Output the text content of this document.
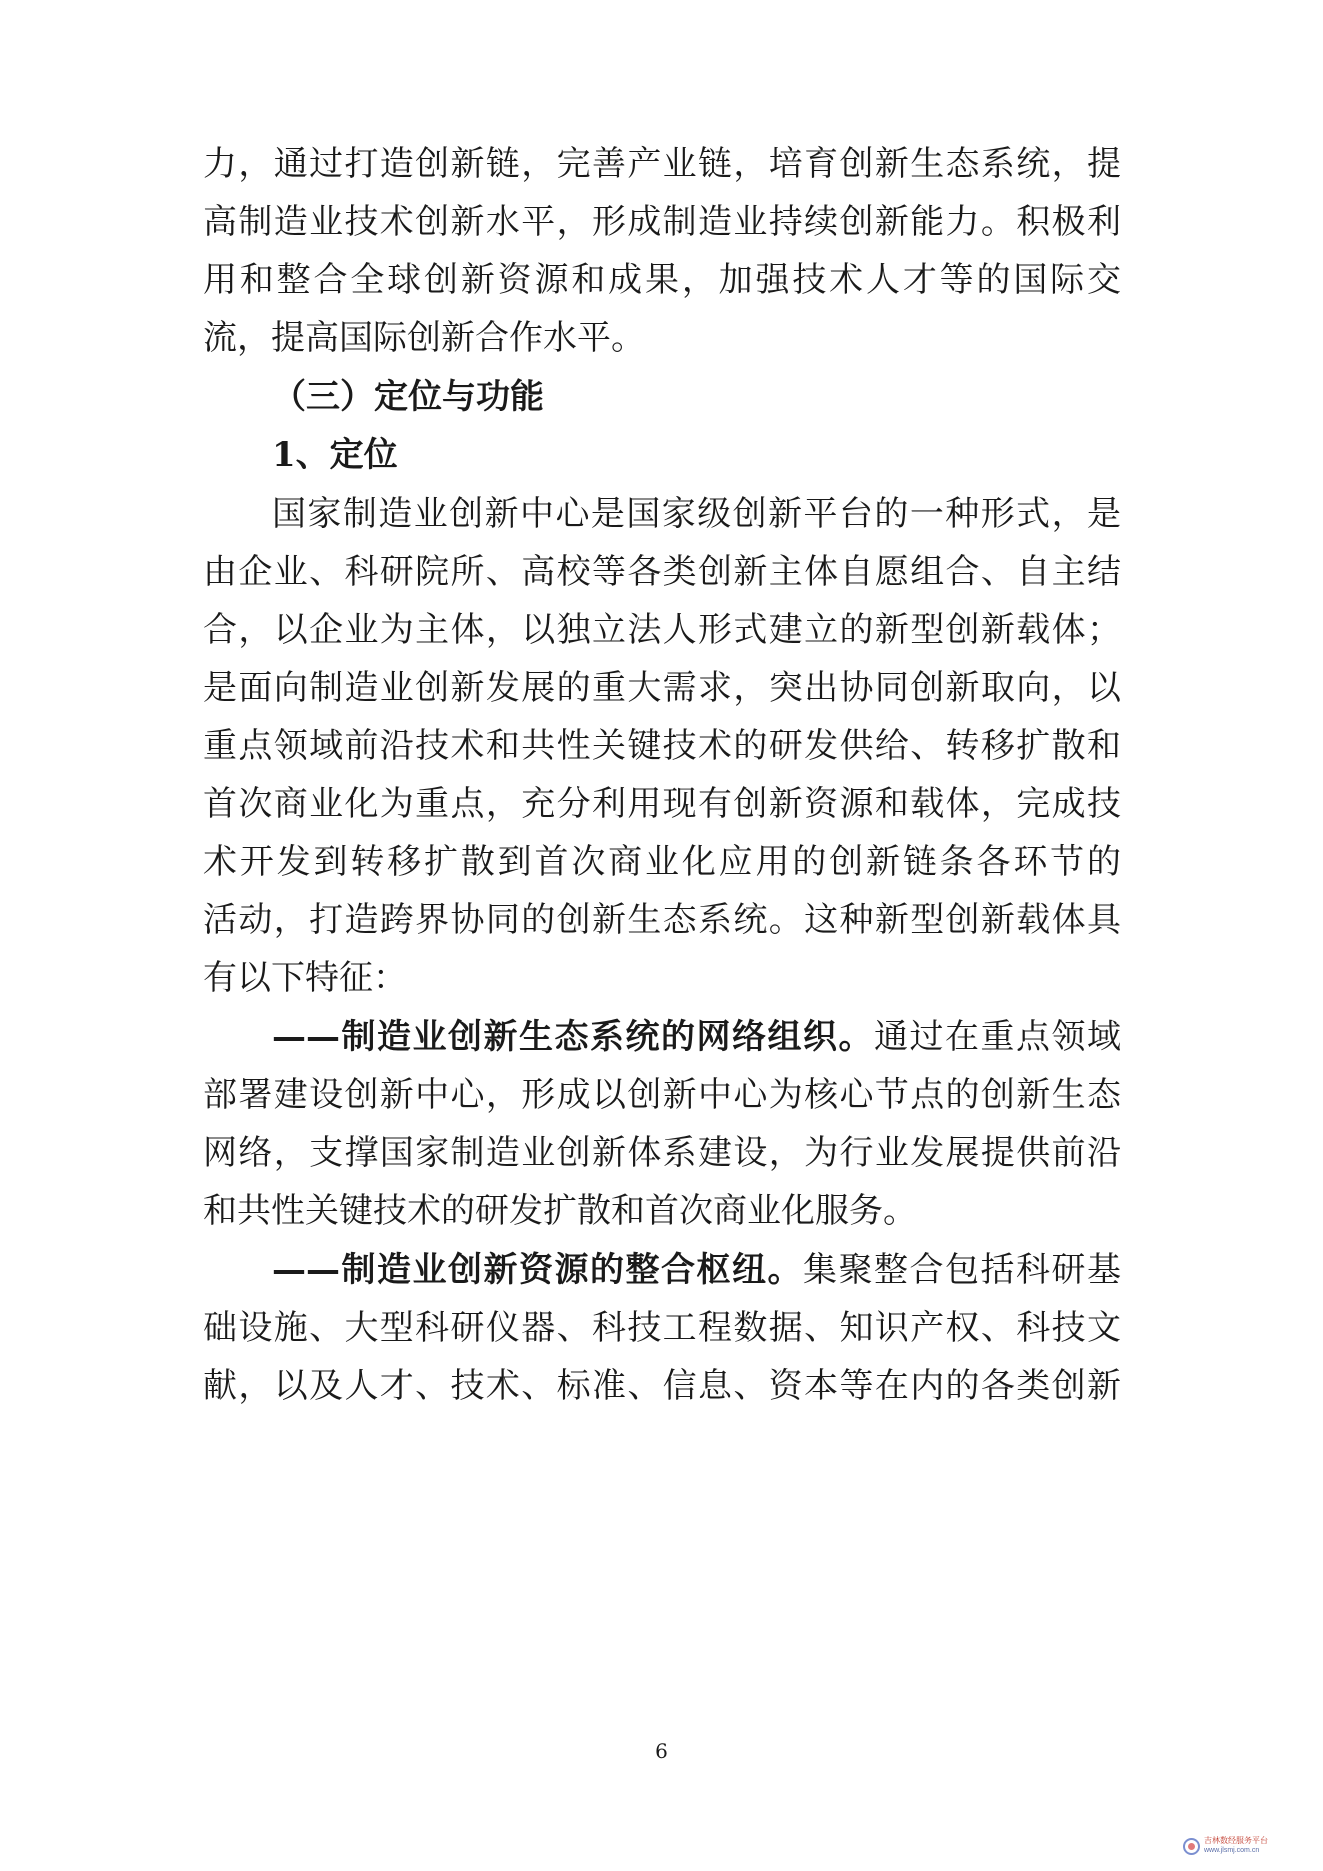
力，通过打造创新链，完善产业链，培育创新生态系统，提
高制造业技术创新水平，形成制造业持续创新能力。积极利
用和整合全球创新资源和成果，加强技术人才等的国际交
流，提高国际创新合作水平。
（三）定位与功能
1、定位
国家制造业创新中心是国家级创新平台的一种形式，是
由企业、科研院所、高校等各类创新主体自愿组合、自主结
合，以企业为主体，以独立法人形式建立的新型创新载体；
是面向制造业创新发展的重大需求，突出协同创新取向，以
重点领域前沿技术和共性关键技术的研发供给、转移扩散和
首次商业化为重点，充分利用现有创新资源和载体，完成技
术开发到转移扩散到首次商业化应用的创新链条各环节的
活动，打造跨界协同的创新生态系统。这种新型创新载体具
有以下特征：
——制造业创新生态系统的网络组织。通过在重点领域
部署建设创新中心，形成以创新中心为核心节点的创新生态
网络，支撑国家制造业创新体系建设，为行业发展提供前沿
和共性关键技术的研发扩散和首次商业化服务。
——制造业创新资源的整合枢纽。集聚整合包括科研基
础设施、大型科研仪器、科技工程数据、知识产权、科技文
献，以及人才、技术、标准、信息、资本等在内的各类创新
6
吉林数经服务平台
www.jlsmj.com.cn
